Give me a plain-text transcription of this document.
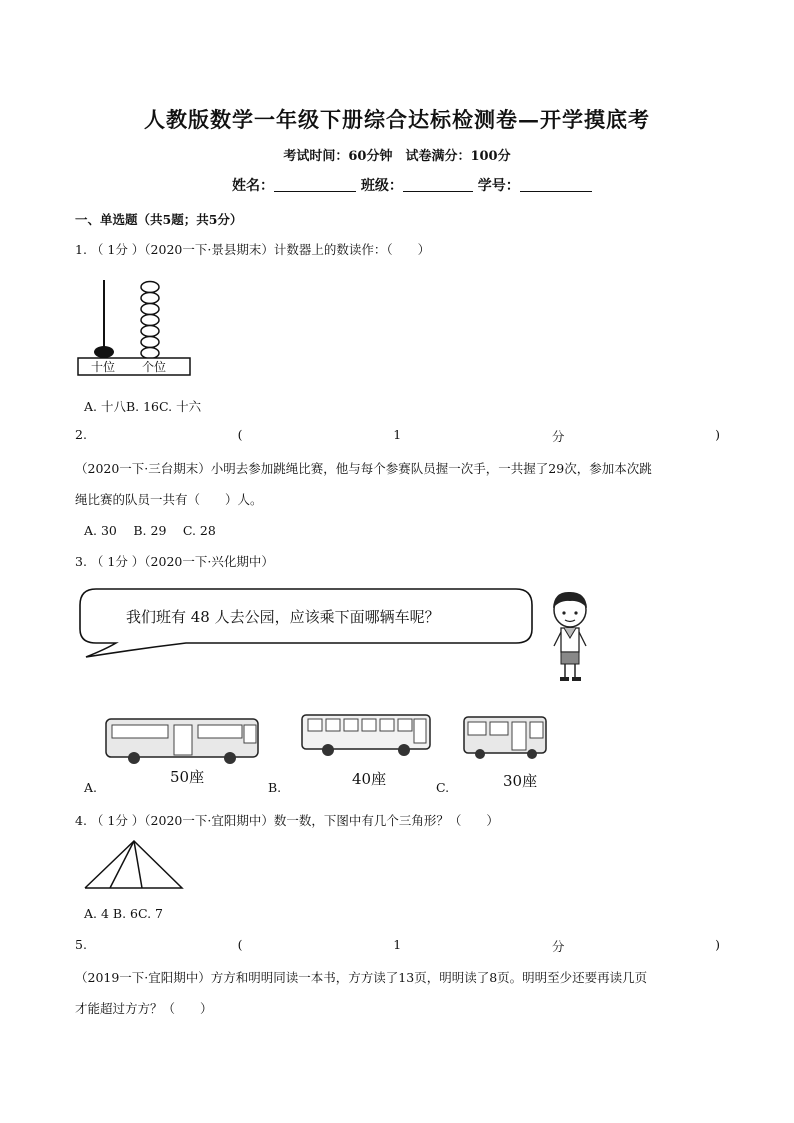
人教版数学一年级下册综合达标检测卷—开学摸底考
考试时间：60分钟　试卷满分：100分
姓名：	班级：	学号：
一、单选题（共5题；共5分）
1. （ 1分 ）（2020一下·景县期末）计数器上的数读作：（　　）
十位 个位
A. 十八B. 16C. 十六
2.	(	1	分	)
（2020一下·三台期末）小明去参加跳绳比赛，他与每个参赛队员握一次手，一共握了29次，参加本次跳
绳比赛的队员一共有（　　）人。
A. 30　 B. 29　 C. 28
3. （ 1分 ）（2020一下·兴化期中）
我们班有 48 人去公园，应该乘下面哪辆车呢？
50座
A.	40座
B.	30座
C.
4. （ 1分 ）（2020一下·宜阳期中）数一数，下图中有几个三角形？（　　）
A. 4 B. 6C. 7
5.	(	1	分	)
（2019一下·宜阳期中）方方和明明同读一本书，方方读了13页，明明读了8页。明明至少还要再读几页
才能超过方方？（　　）
